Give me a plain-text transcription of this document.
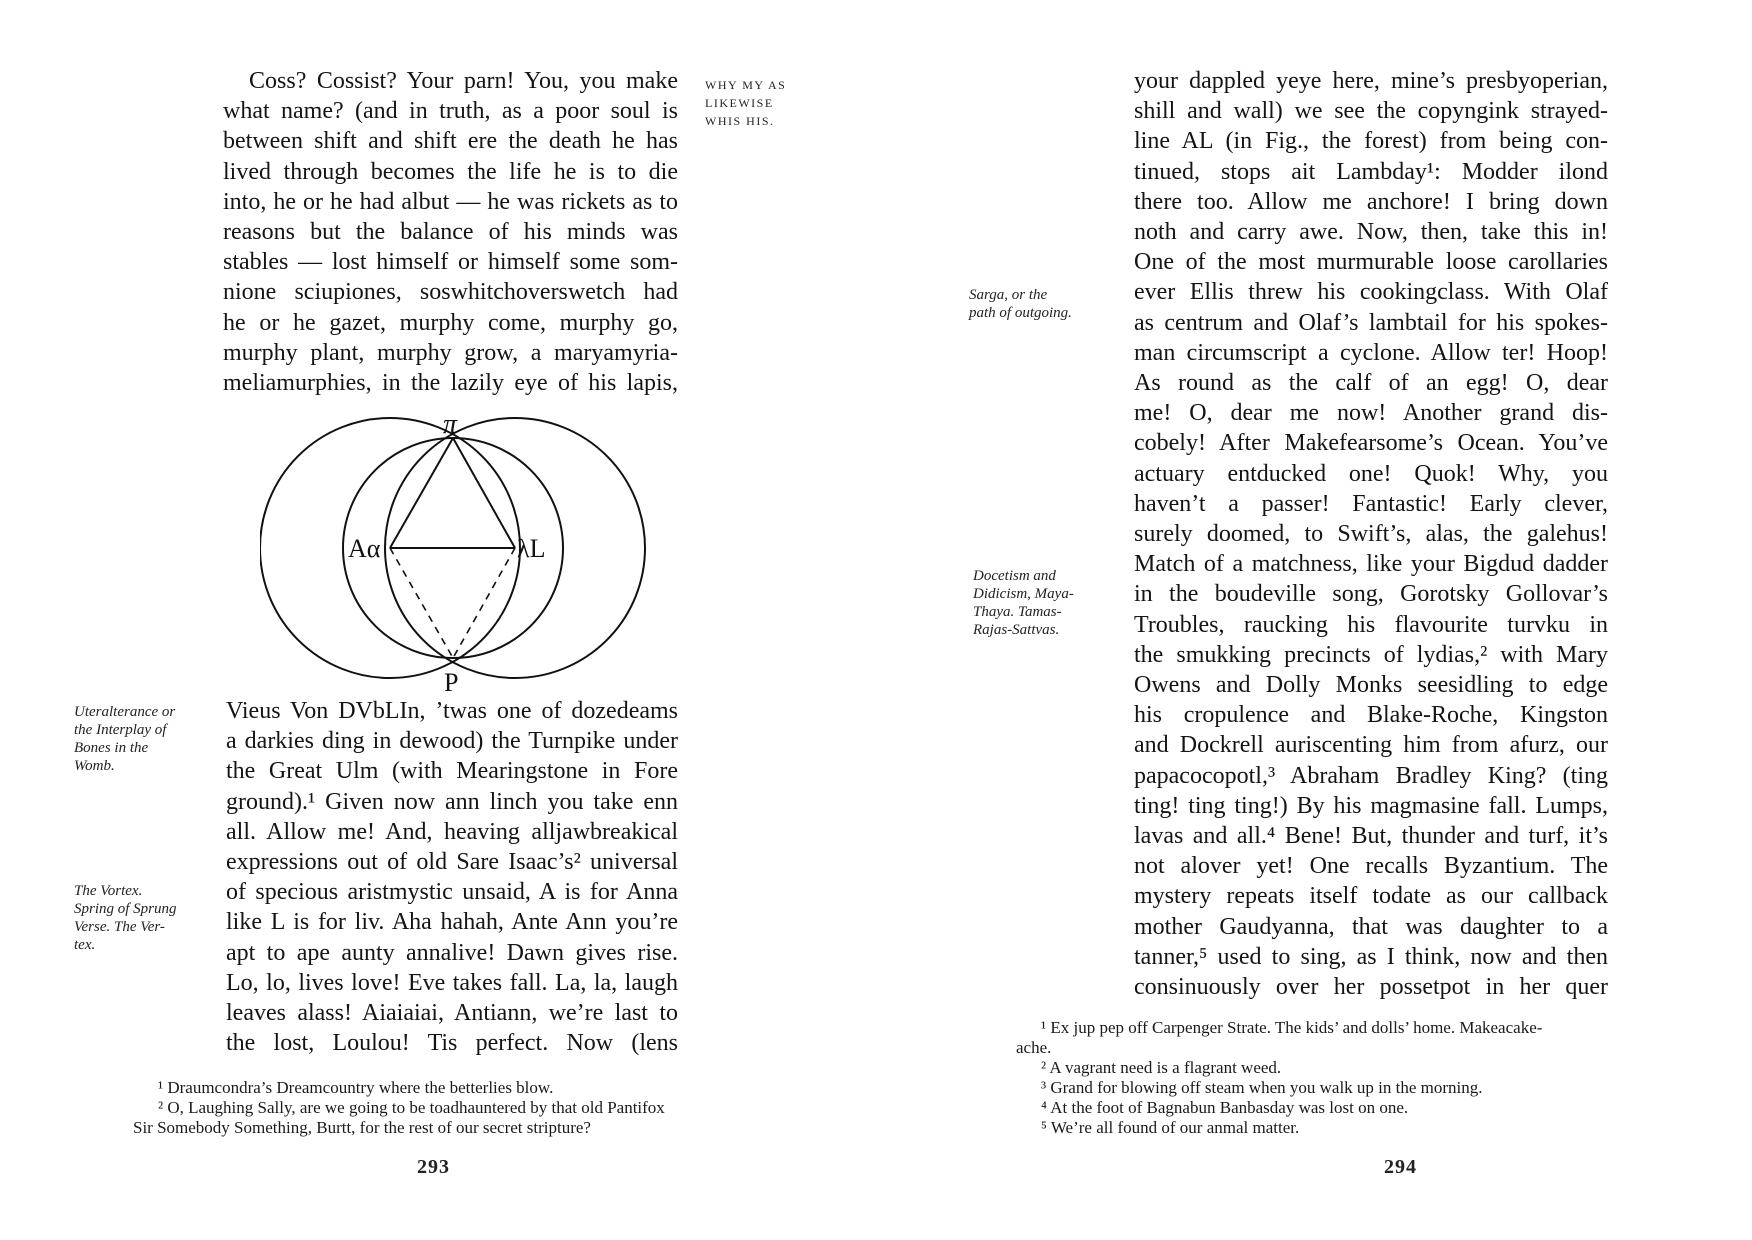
WHY MY AS
LIKEWISE
WHIS HIS.
Coss? Cossist? Your parn! You, you make
what name? (and in truth, as a poor soul is
between shift and shift ere the death he has
lived through becomes the life he is to die
into, he or he had albut — he was rickets as to
reasons but the balance of his minds was
stables — lost himself or himself some som-
nione sciupiones, soswhitchoverswetch had
he or he gazet, murphy come, murphy go,
murphy plant, murphy grow, a maryamyria-
meliamurphies, in the lazily eye of his lapis,
π
Aα	λL
P
Uteralterance or
the Interplay of
Bones in the
Womb.
The Vortex.
Spring of Sprung
Verse. The Ver-
tex.
Vieus Von DVbLIn, ’twas one of dozedeams
a darkies ding in dewood) the Turnpike under
the Great Ulm (with Mearingstone in Fore
ground).¹ Given now ann linch you take enn
all. Allow me! And, heaving alljawbreakical
expressions out of old Sare Isaac’s² universal
of specious aristmystic unsaid, A is for Anna
like L is for liv. Aha hahah, Ante Ann you’re
apt to ape aunty annalive! Dawn gives rise.
Lo, lo, lives love! Eve takes fall. La, la, laugh
leaves alass! Aiaiaiai, Antiann, we’re last to
the lost, Loulou! Tis perfect. Now (lens
¹ Draumcondra’s Dreamcountry where the betterlies blow.
² O, Laughing Sally, are we going to be toadhauntered by that old Pantifox
Sir Somebody Something, Burtt, for the rest of our secret stripture?
293
Sarga, or the
path of outgoing.
Docetism and
Didicism, Maya-
Thaya. Tamas-
Rajas-Sattvas.
your dappled yeye here, mine’s presbyoperian,
shill and wall) we see the copyngink strayed-
line AL (in Fig., the forest) from being con-
tinued, stops ait Lambday¹: Modder ilond
there too. Allow me anchore! I bring down
noth and carry awe. Now, then, take this in!
One of the most murmurable loose carollaries
ever Ellis threw his cookingclass. With Olaf
as centrum and Olaf’s lambtail for his spokes-
man circumscript a cyclone. Allow ter! Hoop!
As round as the calf of an egg! O, dear
me! O, dear me now! Another grand dis-
cobely! After Makefearsome’s Ocean. You’ve
actuary entducked one! Quok! Why, you
haven’t a passer! Fantastic! Early clever,
surely doomed, to Swift’s, alas, the galehus!
Match of a matchness, like your Bigdud dadder
in the boudeville song, Gorotsky Gollovar’s
Troubles, raucking his flavourite turvku in
the smukking precincts of lydias,² with Mary
Owens and Dolly Monks seesidling to edge
his cropulence and Blake-Roche, Kingston
and Dockrell auriscenting him from afurz, our
papacocopotl,³ Abraham Bradley King? (ting
ting! ting ting!) By his magmasine fall. Lumps,
lavas and all.⁴ Bene! But, thunder and turf, it’s
not alover yet! One recalls Byzantium. The
mystery repeats itself todate as our callback
mother Gaudyanna, that was daughter to a
tanner,⁵ used to sing, as I think, now and then
consinuously over her possetpot in her quer
¹ Ex jup pep off Carpenger Strate. The kids’ and dolls’ home. Makeacake-
ache.
² A vagrant need is a flagrant weed.
³ Grand for blowing off steam when you walk up in the morning.
⁴ At the foot of Bagnabun Banbasday was lost on one.
⁵ We’re all found of our anmal matter.
294
